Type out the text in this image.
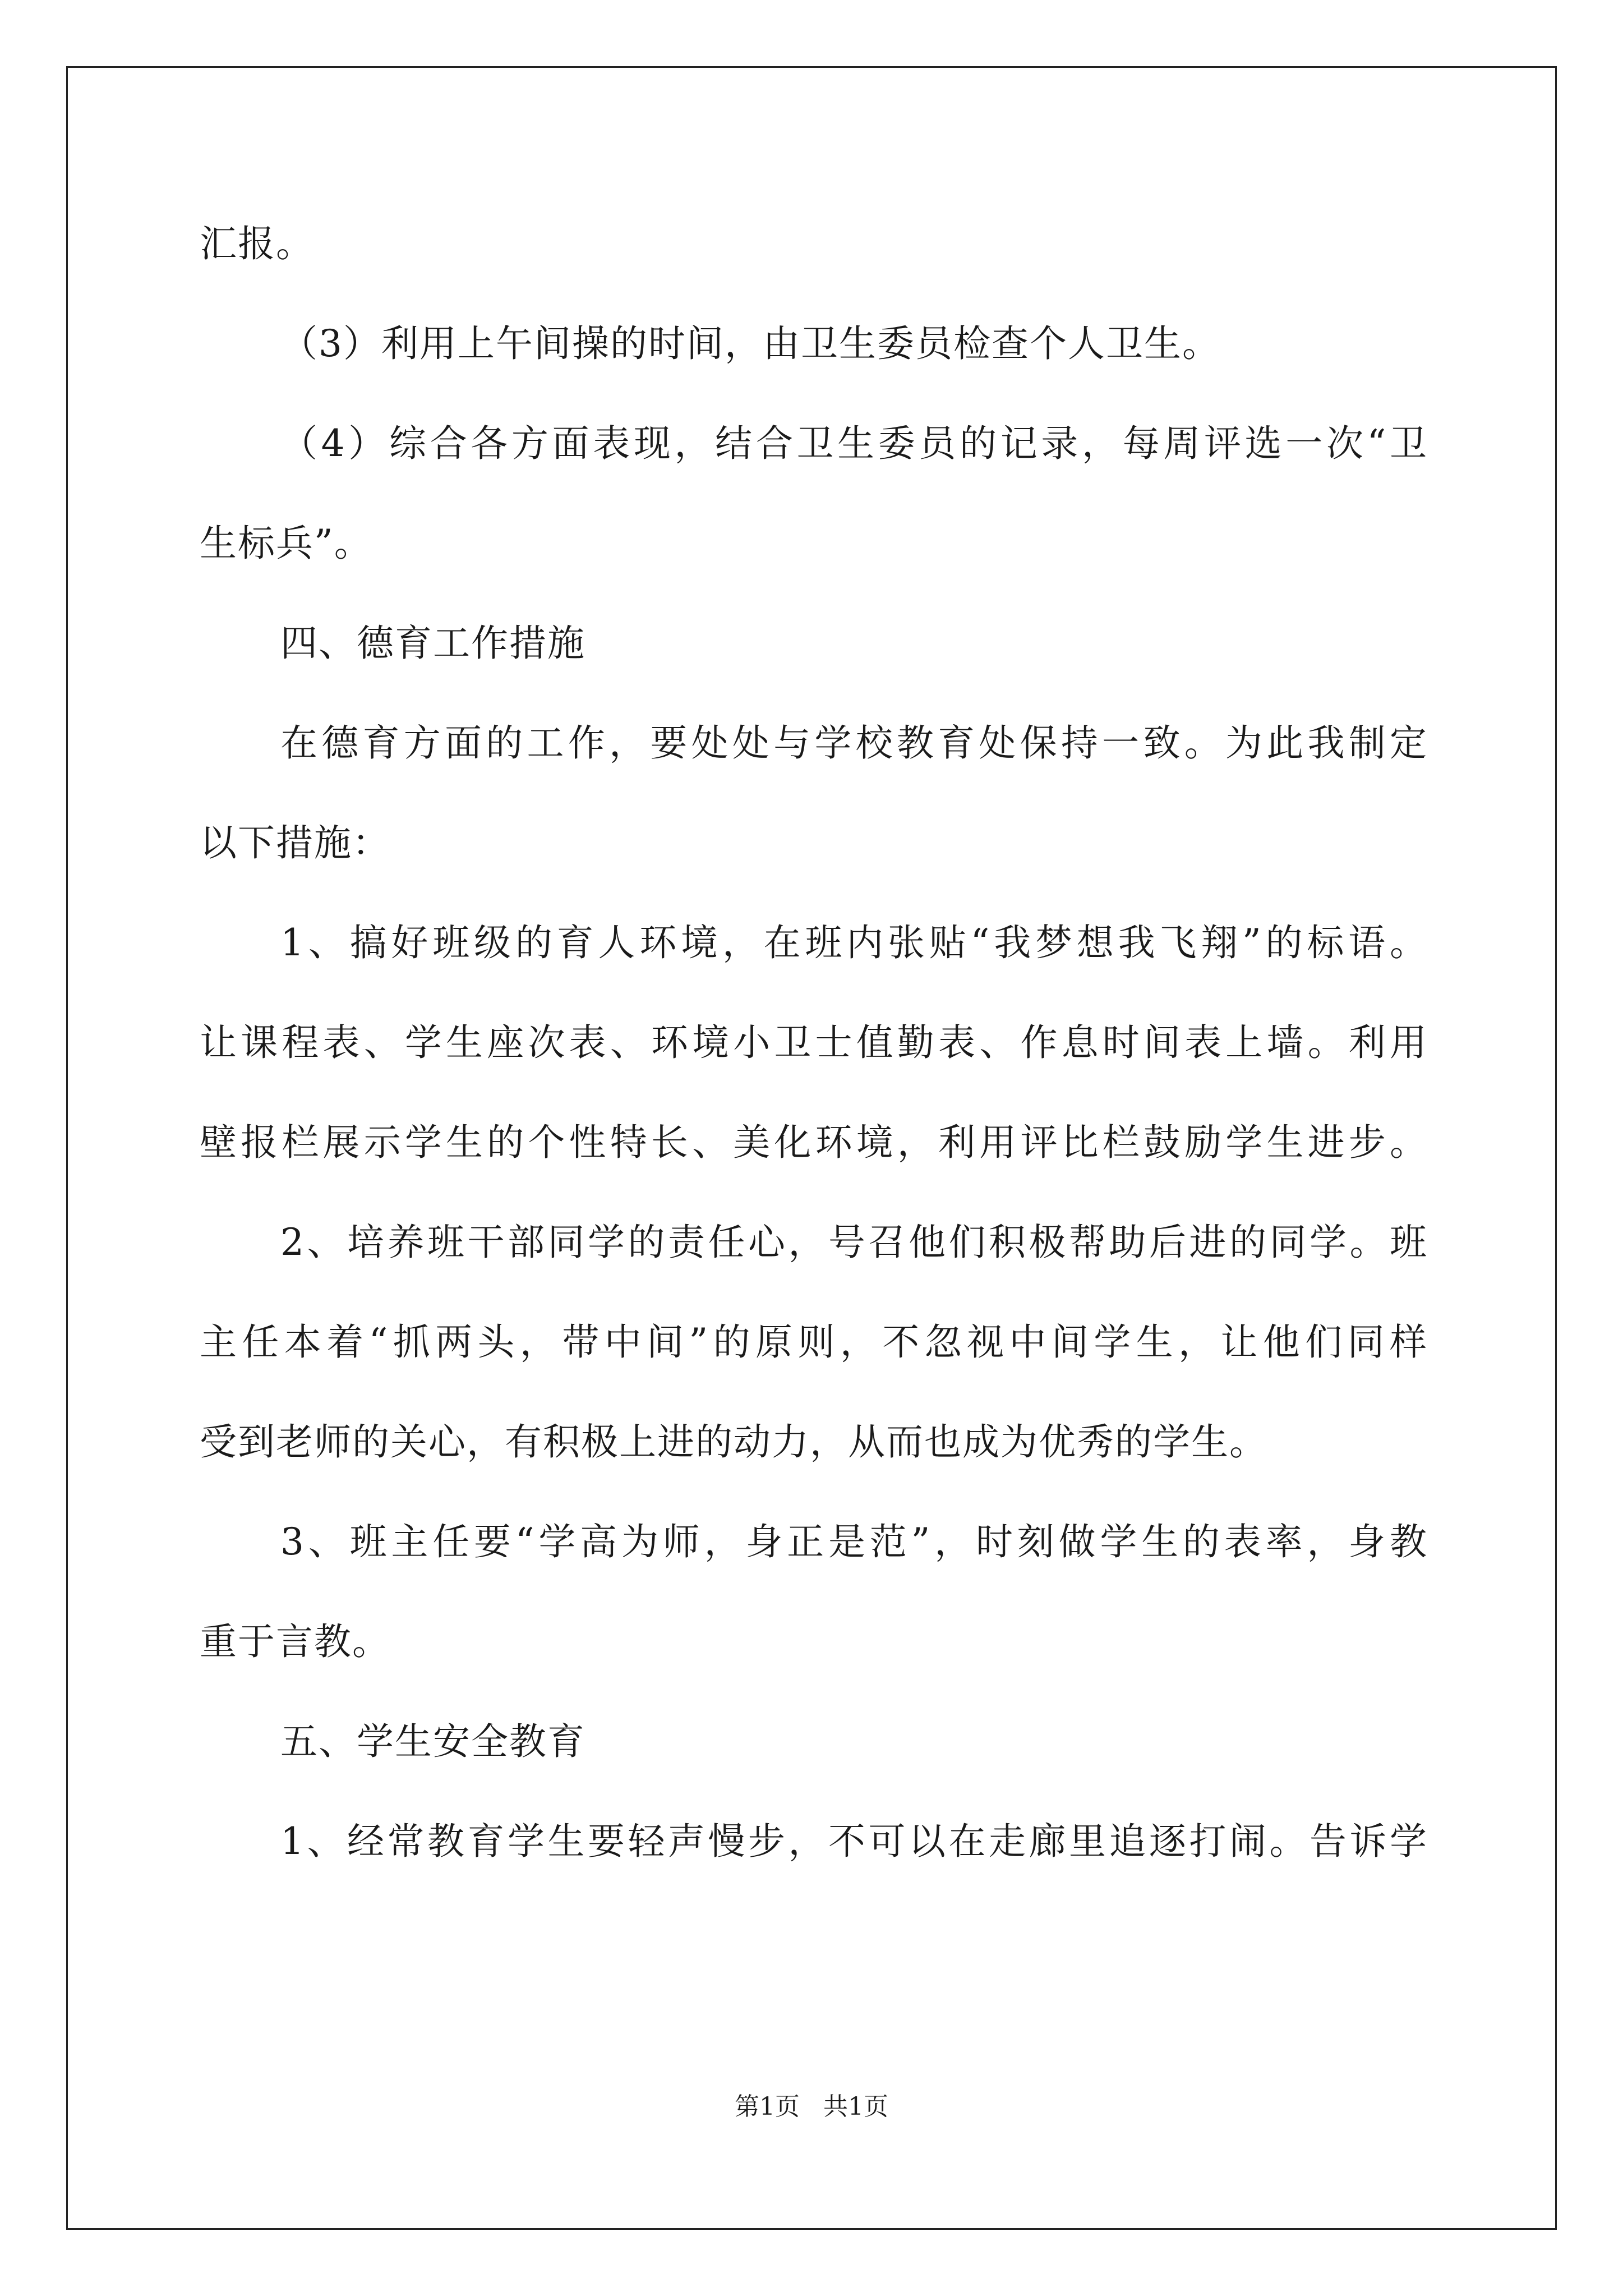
汇报。
（3）利用上午间操的时间，由卫生委员检查个人卫生。
（4）综合各方面表现，结合卫生委员的记录，每周评选一次“卫
生标兵”。
四、德育工作措施
在德育方面的工作，要处处与学校教育处保持一致。为此我制定
以下措施：
1、搞好班级的育人环境，在班内张贴“我梦想我飞翔”的标语。
让课程表、学生座次表、环境小卫士值勤表、作息时间表上墙。利用
壁报栏展示学生的个性特长、美化环境，利用评比栏鼓励学生进步。
2、培养班干部同学的责任心，号召他们积极帮助后进的同学。班
主任本着“抓两头，带中间”的原则，不忽视中间学生，让他们同样
受到老师的关心，有积极上进的动力，从而也成为优秀的学生。
3、班主任要“学高为师，身正是范”，时刻做学生的表率，身教
重于言教。
五、学生安全教育
1、经常教育学生要轻声慢步，不可以在走廊里追逐打闹。告诉学
第1页   共1页
